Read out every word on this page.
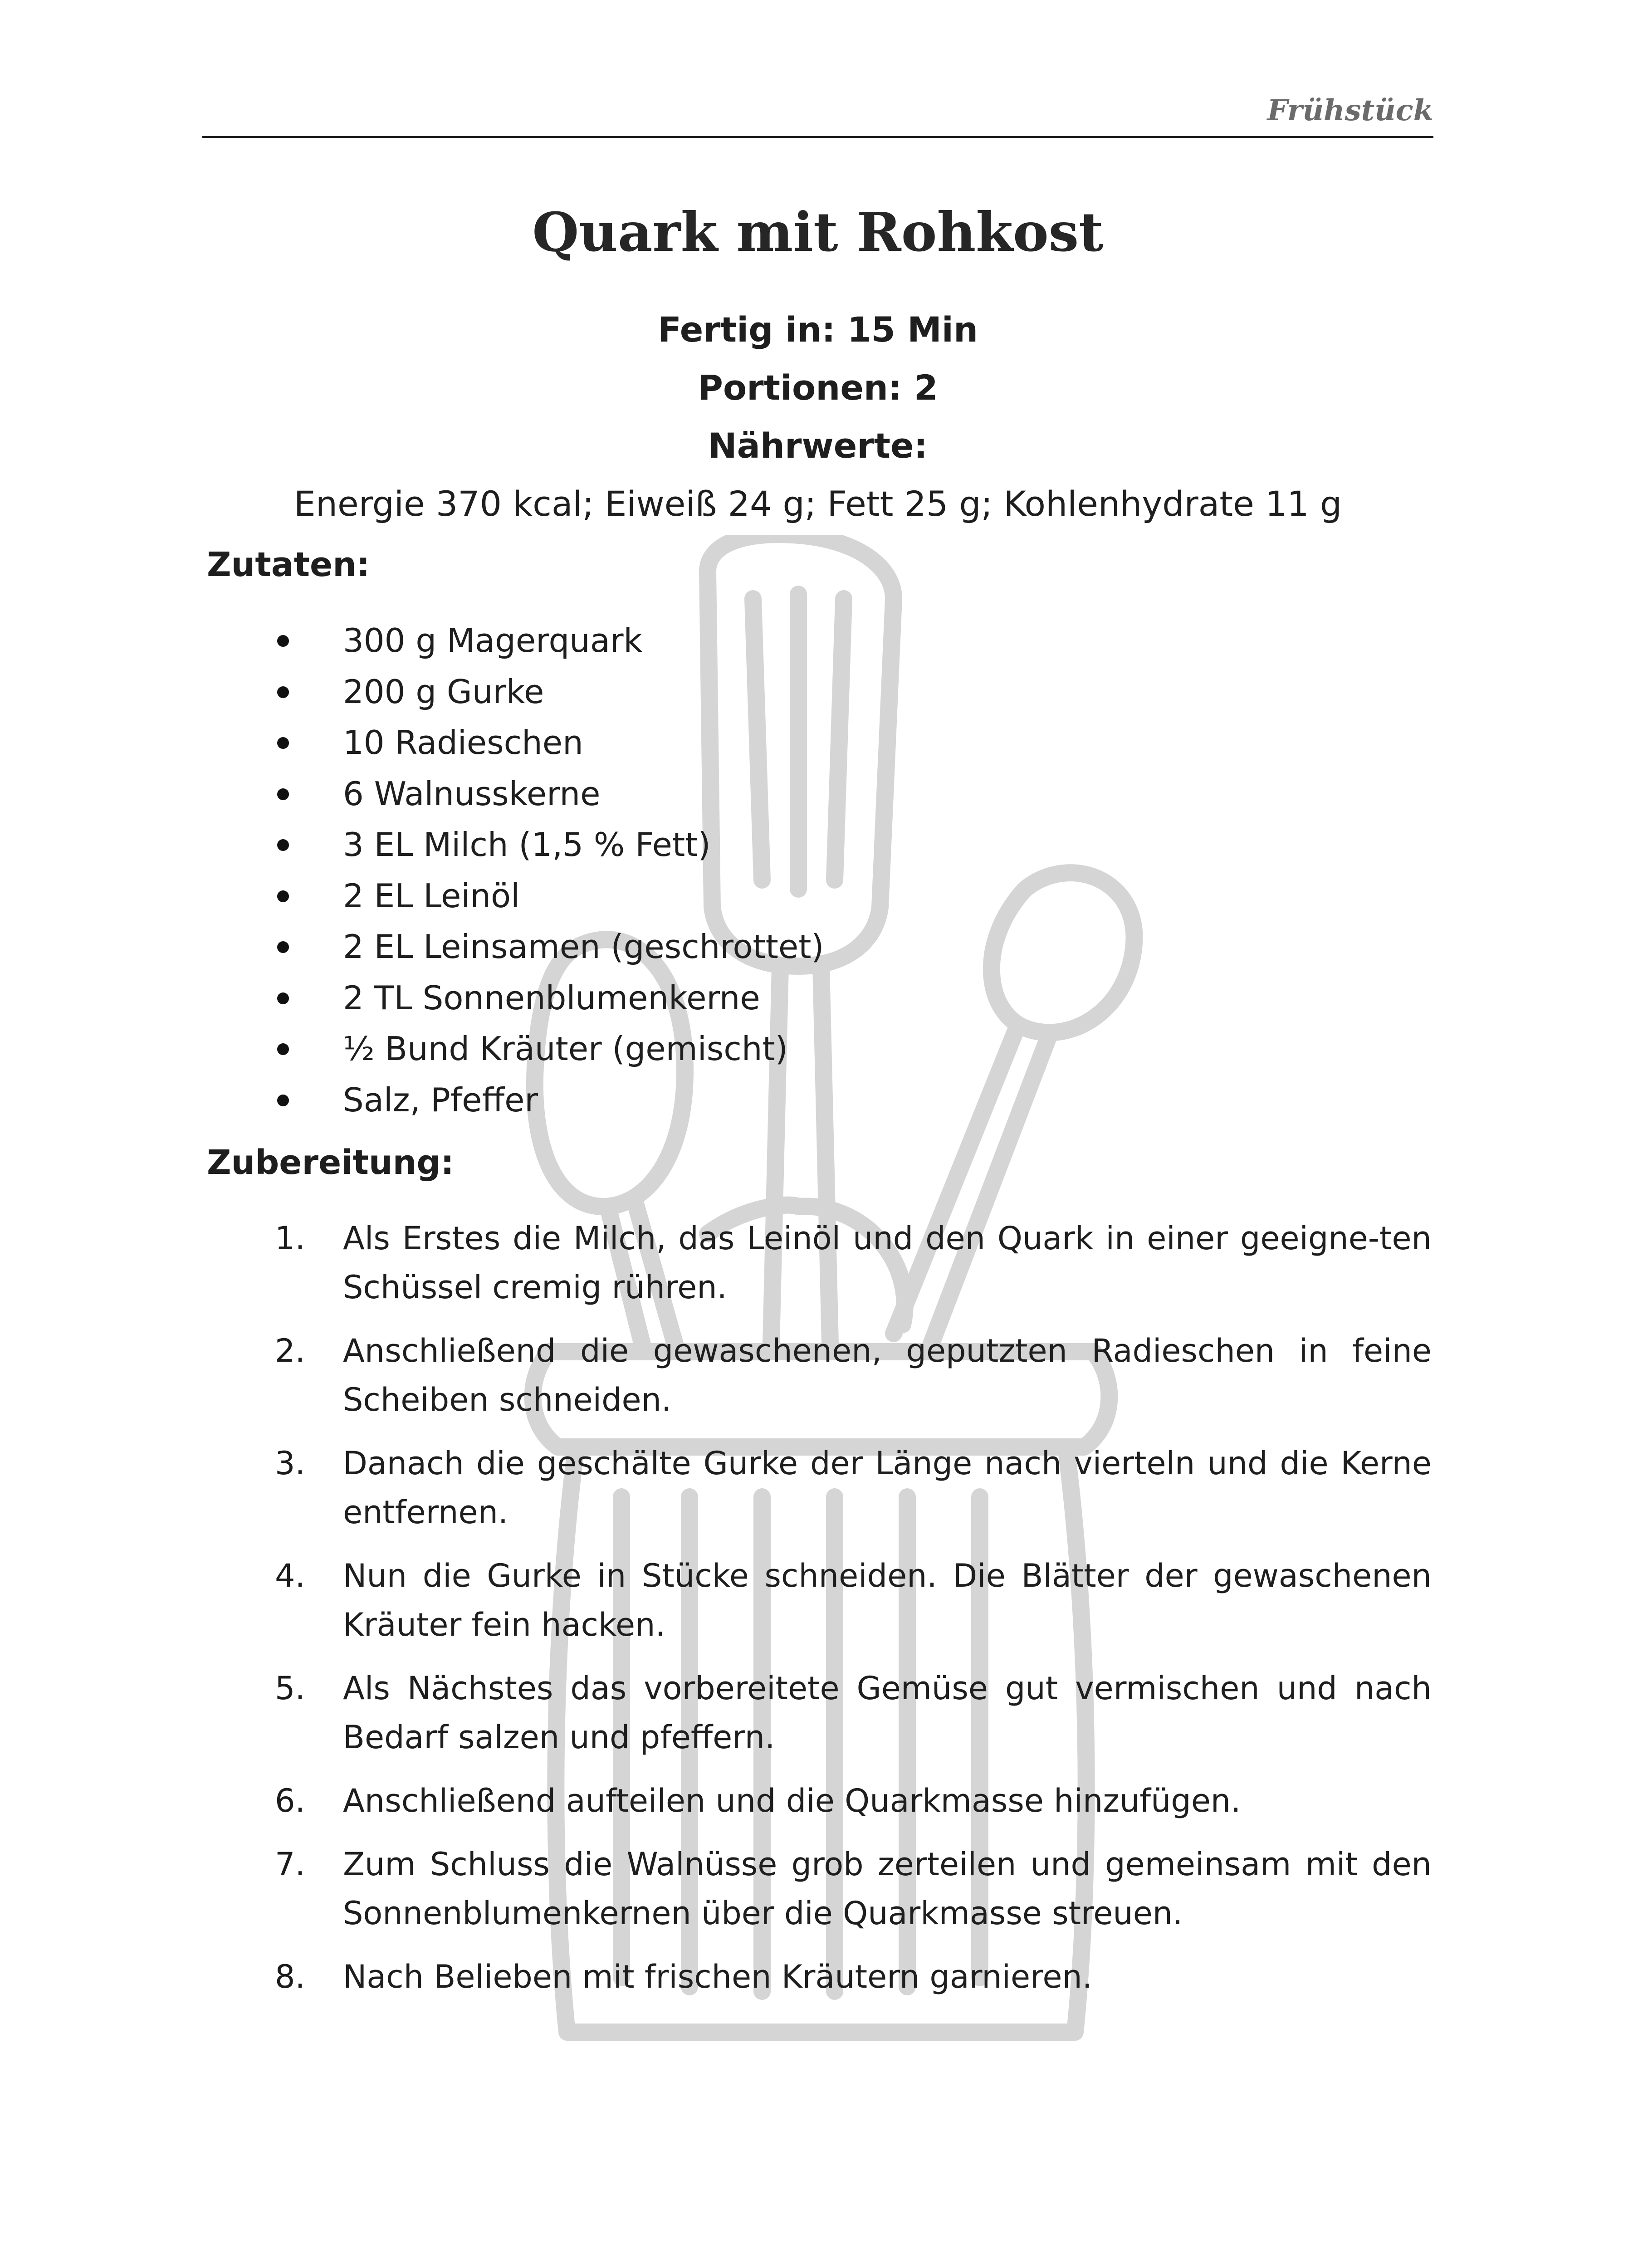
Frühstück
Quark mit Rohkost
Fertig in: 15 Min
Portionen: 2
Nährwerte:
Energie 370 kcal; Eiweiß 24 g; Fett 25 g; Kohlenhydrate 11 g
Zutaten:
300 g Magerquark
200 g Gurke
10 Radieschen
6 Walnusskerne
3 EL Milch (1,5 % Fett)
2 EL Leinöl
2 EL Leinsamen (geschrottet)
2 TL Sonnenblumenkerne
½ Bund Kräuter (gemischt)
Salz, Pfeffer
Zubereitung:
1.	Als Erstes die Milch, das Leinöl und den Quark in einer geeigne-ten Schüssel cremig rühren.
2.	Anschließend die gewaschenen, geputzten Radieschen in feine Scheiben schneiden.
3.	Danach die geschälte Gurke der Länge nach vierteln und die Kerne entfernen.
4.	Nun die Gurke in Stücke schneiden. Die Blätter der gewaschenen Kräuter fein hacken.
5.	Als Nächstes das vorbereitete Gemüse gut vermischen und nach Bedarf salzen und pfeffern.
6.	Anschließend aufteilen und die Quarkmasse hinzufügen.
7.	Zum Schluss die Walnüsse grob zerteilen und gemeinsam mit den Sonnenblumenkernen über die Quarkmasse streuen.
8.	Nach Belieben mit frischen Kräutern garnieren.
